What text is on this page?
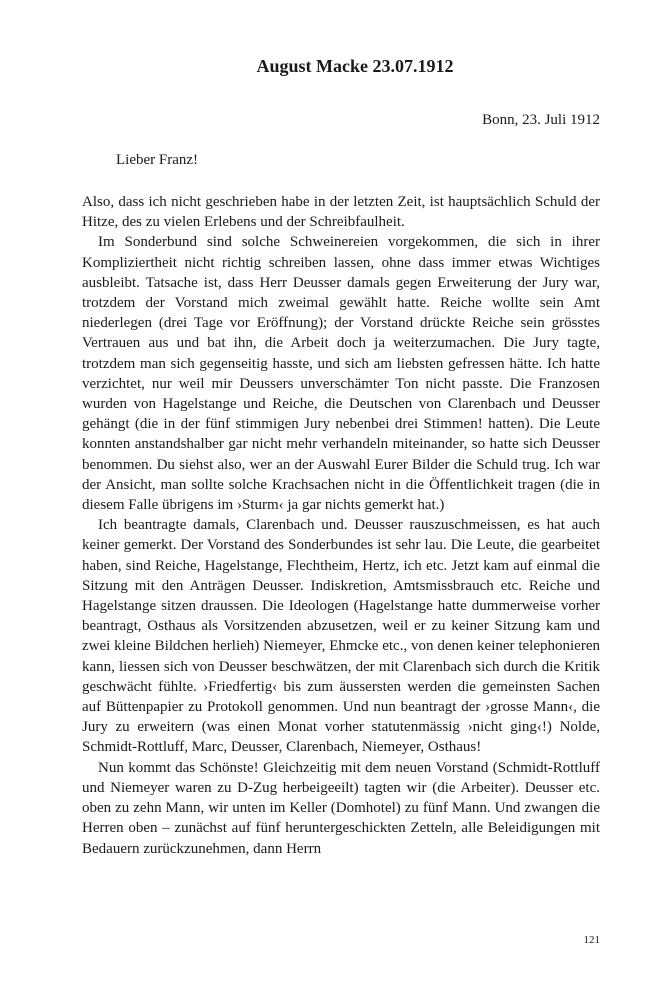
August Macke 23.07.1912
Bonn, 23. Juli 1912
Lieber Franz!

Also, dass ich nicht geschrieben habe in der letzten Zeit, ist hauptsächlich Schuld der Hitze, des zu vielen Erlebens und der Schreibfaulheit.

Im Sonderbund sind solche Schweinereien vorgekommen, die sich in ihrer Kompliziertheit nicht richtig schreiben lassen, ohne dass immer etwas Wichtiges ausbleibt. Tatsache ist, dass Herr Deusser damals gegen Erweiterung der Jury war, trotzdem der Vorstand mich zweimal gewählt hatte. Reiche wollte sein Amt niederlegen (drei Tage vor Eröffnung); der Vorstand drückte Reiche sein grösstes Vertrauen aus und bat ihn, die Arbeit doch ja weiterzumachen. Die Jury tagte, trotzdem man sich gegenseitig hasste, und sich am liebsten gefressen hätte. Ich hatte verzichtet, nur weil mir Deussers unverschämter Ton nicht passte. Die Franzosen wurden von Hagelstange und Reiche, die Deutschen von Clarenbach und Deusser gehängt (die in der fünf stimmigen Jury nebenbei drei Stimmen! hatten). Die Leute konnten anstandshalber gar nicht mehr verhandeln miteinander, so hatte sich Deusser benommen. Du siehst also, wer an der Auswahl Eurer Bilder die Schuld trug. Ich war der Ansicht, man sollte solche Krachsachen nicht in die Öffentlichkeit tragen (die in diesem Falle übrigens im ›Sturm‹ ja gar nichts gemerkt hat.)

Ich beantragte damals, Clarenbach und. Deusser rauszuschmeissen, es hat auch keiner gemerkt. Der Vorstand des Sonderbundes ist sehr lau. Die Leute, die gearbeitet haben, sind Reiche, Hagelstange, Flechtheim, Hertz, ich etc. Jetzt kam auf einmal die Sitzung mit den Anträgen Deusser. Indiskretion, Amtsmissbrauch etc. Reiche und Hagelstange sitzen draussen. Die Ideologen (Hagelstange hatte dummerweise vorher beantragt, Osthaus als Vorsitzenden abzusetzen, weil er zu keiner Sitzung kam und zwei kleine Bildchen herlieh) Niemeyer, Ehmcke etc., von denen keiner telephonieren kann, liessen sich von Deusser beschwätzen, der mit Clarenbach sich durch die Kritik geschwächt fühlte. ›Friedfertig‹ bis zum äussersten werden die gemeinsten Sachen auf Büttenpapier zu Protokoll genommen. Und nun beantragt der ›grosse Mann‹, die Jury zu erweitern (was einen Monat vorher statutenmässig ›nicht ging‹!) Nolde, Schmidt-Rottluff, Marc, Deusser, Clarenbach, Niemeyer, Osthaus!

Nun kommt das Schönste! Gleichzeitig mit dem neuen Vorstand (Schmidt-Rottluff und Niemeyer waren zu D-Zug herbeigeeilt) tagten wir (die Arbeiter). Deusser etc. oben zu zehn Mann, wir unten im Keller (Domhotel) zu fünf Mann. Und zwangen die Herren oben – zunächst auf fünf heruntergeschickten Zetteln, alle Beleidigungen mit Bedauern zurückzunehmen, dann Herrn

121
